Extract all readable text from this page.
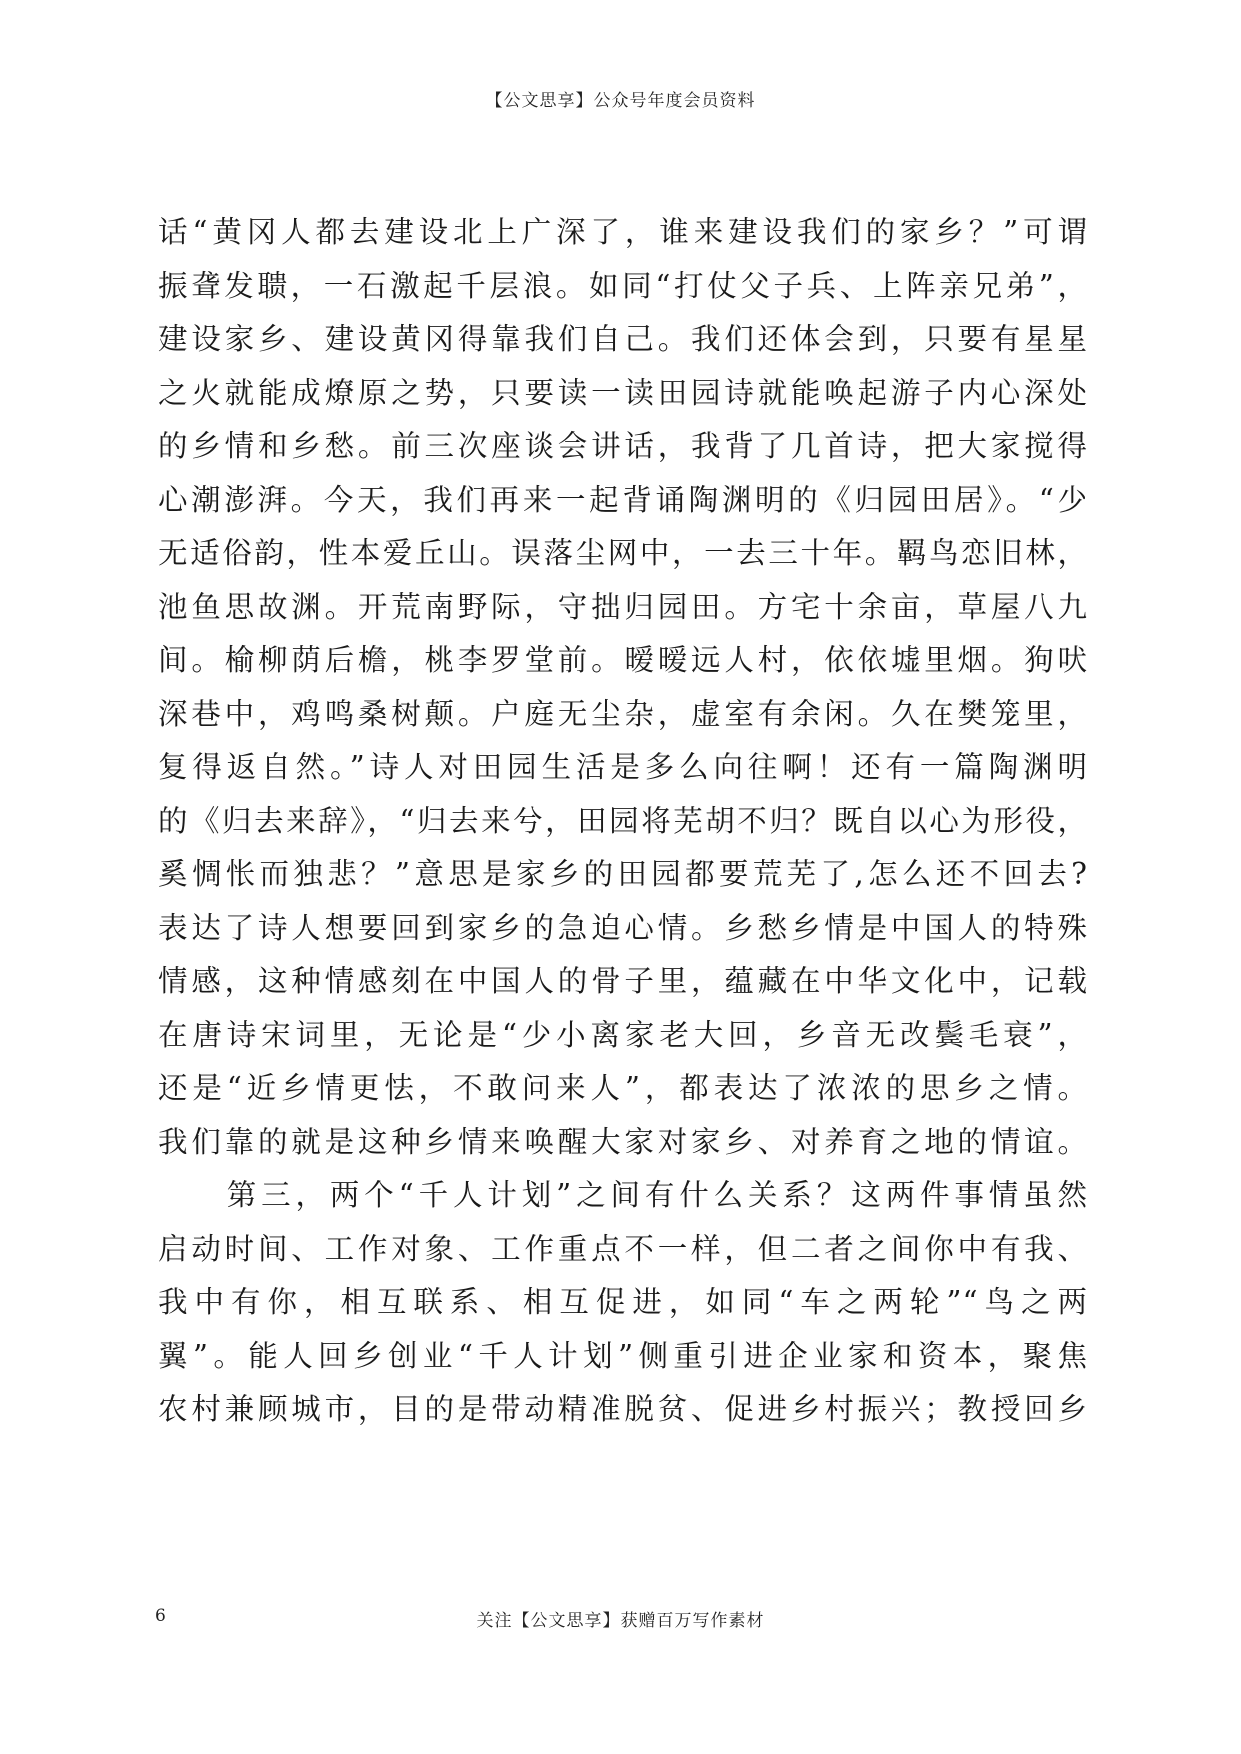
【公文思享】公众号年度会员资料
话“黄冈人都去建设北上广深了，谁来建设我们的家乡？”可谓
振聋发聩，一石激起千层浪。如同“打仗父子兵、上阵亲兄弟”，
建设家乡、建设黄冈得靠我们自己。我们还体会到，只要有星星
之火就能成燎原之势，只要读一读田园诗就能唤起游子内心深处
的乡情和乡愁。前三次座谈会讲话，我背了几首诗，把大家搅得
心潮澎湃。今天，我们再来一起背诵陶渊明的《归园田居》。“少
无适俗韵，性本爱丘山。误落尘网中，一去三十年。羁鸟恋旧林，
池鱼思故渊。开荒南野际，守拙归园田。方宅十余亩，草屋八九
间。榆柳荫后檐，桃李罗堂前。暧暧远人村，依依墟里烟。狗吠
深巷中，鸡鸣桑树颠。户庭无尘杂，虚室有余闲。久在樊笼里，
复得返自然。”诗人对田园生活是多么向往啊！还有一篇陶渊明
的《归去来辞》，“归去来兮，田园将芜胡不归？既自以心为形役，
奚惆怅而独悲？”意思是家乡的田园都要荒芜了,怎么还不回去?
表达了诗人想要回到家乡的急迫心情。乡愁乡情是中国人的特殊
情感，这种情感刻在中国人的骨子里，蕴藏在中华文化中，记载
在唐诗宋词里，无论是“少小离家老大回，乡音无改鬓毛衰”，
还是“近乡情更怯，不敢问来人”，都表达了浓浓的思乡之情。
我们靠的就是这种乡情来唤醒大家对家乡、对养育之地的情谊。
　　第三，两个“千人计划”之间有什么关系？这两件事情虽然
启动时间、工作对象、工作重点不一样，但二者之间你中有我、
我中有你，相互联系、相互促进，如同“车之两轮”“鸟之两
翼”。能人回乡创业“千人计划”侧重引进企业家和资本，聚焦
农村兼顾城市，目的是带动精准脱贫、促进乡村振兴；教授回乡
6	关注【公文思享】获赠百万写作素材
